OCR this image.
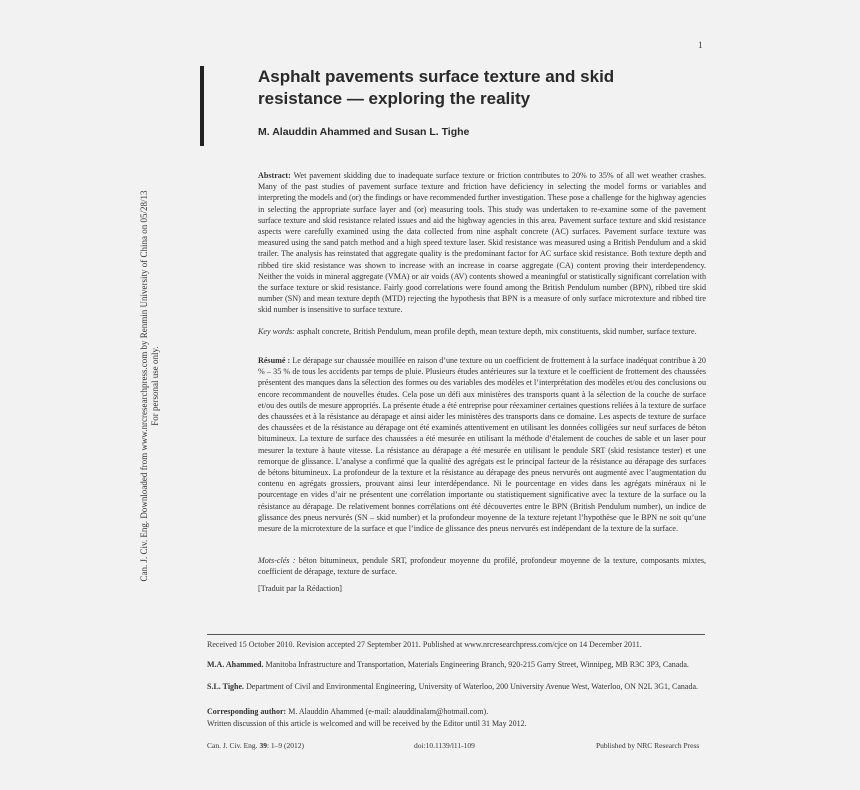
1
Can. J. Civ. Eng. Downloaded from www.nrcresearchpress.com by Renmin University of China on 05/28/13 For personal use only.
Asphalt pavements surface texture and skid resistance — exploring the reality
M. Alauddin Ahammed and Susan L. Tighe
Abstract: Wet pavement skidding due to inadequate surface texture or friction contributes to 20% to 35% of all wet weather crashes. Many of the past studies of pavement surface texture and friction have deficiency in selecting the model forms or variables and interpreting the models and (or) the findings or have recommended further investigation. These pose a challenge for the highway agencies in selecting the appropriate surface layer and (or) measuring tools. This study was undertaken to re-examine some of the pavement surface texture and skid resistance related issues and aid the highway agencies in this area. Pavement surface texture and skid resistance aspects were carefully examined using the data collected from nine asphalt concrete (AC) surfaces. Pavement surface texture was measured using the sand patch method and a high speed texture laser. Skid resistance was measured using a British Pendulum and a skid trailer. The analysis has reinstated that aggregate quality is the predominant factor for AC surface skid resistance. Both texture depth and ribbed tire skid resistance was shown to increase with an increase in coarse aggregate (CA) content proving their interdependency. Neither the voids in mineral aggregate (VMA) or air voids (AV) contents showed a meaningful or statistically significant correlation with the surface texture or skid resistance. Fairly good correlations were found among the British Pendulum number (BPN), ribbed tire skid number (SN) and mean texture depth (MTD) rejecting the hypothesis that BPN is a measure of only surface microtexture and ribbed tire skid number is insensitive to surface texture.
Key words: asphalt concrete, British Pendulum, mean profile depth, mean texture depth, mix constituents, skid number, surface texture.
Résumé : Le dérapage sur chaussée mouillée en raison d’une texture ou un coefficient de frottement à la surface inadéquat contribue à 20 % – 35 % de tous les accidents par temps de pluie. Plusieurs études antérieures sur la texture et le coefficient de frottement des chaussées présentent des manques dans la sélection des formes ou des variables des modèles et l’interprétation des modèles et/ou des conclusions ou encore recommandent de nouvelles études. Cela pose un défi aux ministères des transports quant à la sélection de la couche de surface et/ou des outils de mesure appropriés. La présente étude a été entreprise pour réexaminer certaines questions reliées à la texture de surface des chaussées et à la résistance au dérapage et ainsi aider les ministères des transports dans ce domaine. Les aspects de texture de surface des chaussées et de la résistance au dérapage ont été examinés attentivement en utilisant les données colligées sur neuf surfaces de béton bitumineux. La texture de surface des chaussées a été mesurée en utilisant la méthode d’étalement de couches de sable et un laser pour mesurer la texture à haute vitesse. La résistance au dérapage a été mesurée en utilisant le pendule SRT (skid resistance tester) et une remorque de glissance. L’analyse a confirmé que la qualité des agrégats est le principal facteur de la résistance au dérapage des surfaces de bétons bitumineux. La profondeur de la texture et la résistance au dérapage des pneus nervurés ont augmenté avec l’augmentation du contenu en agrégats grossiers, prouvant ainsi leur interdépendance. Ni le pourcentage en vides dans les agrégats minéraux ni le pourcentage en vides d’air ne présentent une corrélation importante ou statistiquement significative avec la texture de la surface ou la résistance au dérapage. De relativement bonnes corrélations ont été découvertes entre le BPN (British Pendulum number), un indice de glissance des pneus nervurés (SN – skid number) et la profondeur moyenne de la texture rejetant l’hypothèse que le BPN ne soit qu’une mesure de la microtexture de la surface et que l’indice de glissance des pneus nervurés est indépendant de la texture de la surface.
Mots-clés : béton bitumineux, pendule SRT, profondeur moyenne du profilé, profondeur moyenne de la texture, composants mixtes, coefficient de dérapage, texture de surface.
[Traduit par la Rédaction]
Received 15 October 2010. Revision accepted 27 September 2011. Published at www.nrcresearchpress.com/cjce on 14 December 2011.
M.A. Ahammed. Manitoba Infrastructure and Transportation, Materials Engineering Branch, 920-215 Garry Street, Winnipeg, MB R3C 3P3, Canada.
S.L. Tighe. Department of Civil and Environmental Engineering, University of Waterloo, 200 University Avenue West, Waterloo, ON N2L 3G1, Canada.
Corresponding author: M. Alauddin Ahammed (e-mail: alauddinalam@hotmail.com).
Written discussion of this article is welcomed and will be received by the Editor until 31 May 2012.
Can. J. Civ. Eng. 39: 1–9 (2012)	doi:10.1139/l11-109	Published by NRC Research Press
